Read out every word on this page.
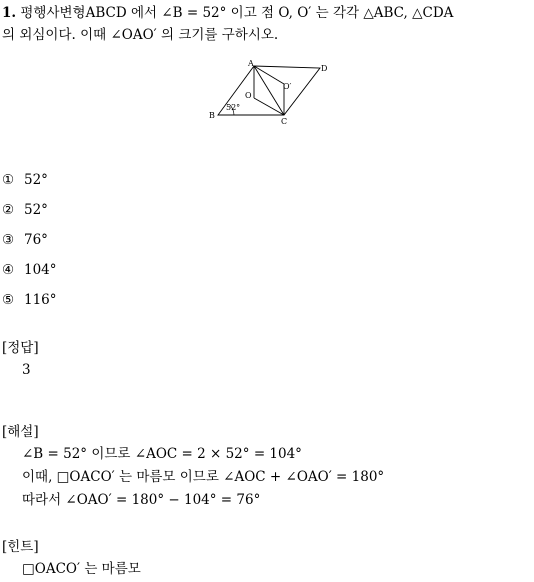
1. 평행사변형ABCD 에서 ∠B = 52° 이고 점 O, O′ 는 각각 △ABC, △CDA
의 외심이다. 이때 ∠OAO′ 의 크기를 구하시오.
A
D
C
B
O
O′
52°
① 52°
② 52°
③ 76°
④ 104°
⑤ 116°
[정답]
3
[해설]
∠B = 52° 이므로 ∠AOC = 2 × 52° = 104°
이때, □OACO′ 는 마름모 이므로 ∠AOC + ∠OAO′ = 180°
따라서 ∠OAO′ = 180° − 104° = 76°
[힌트]
□OACO′ 는 마름모
